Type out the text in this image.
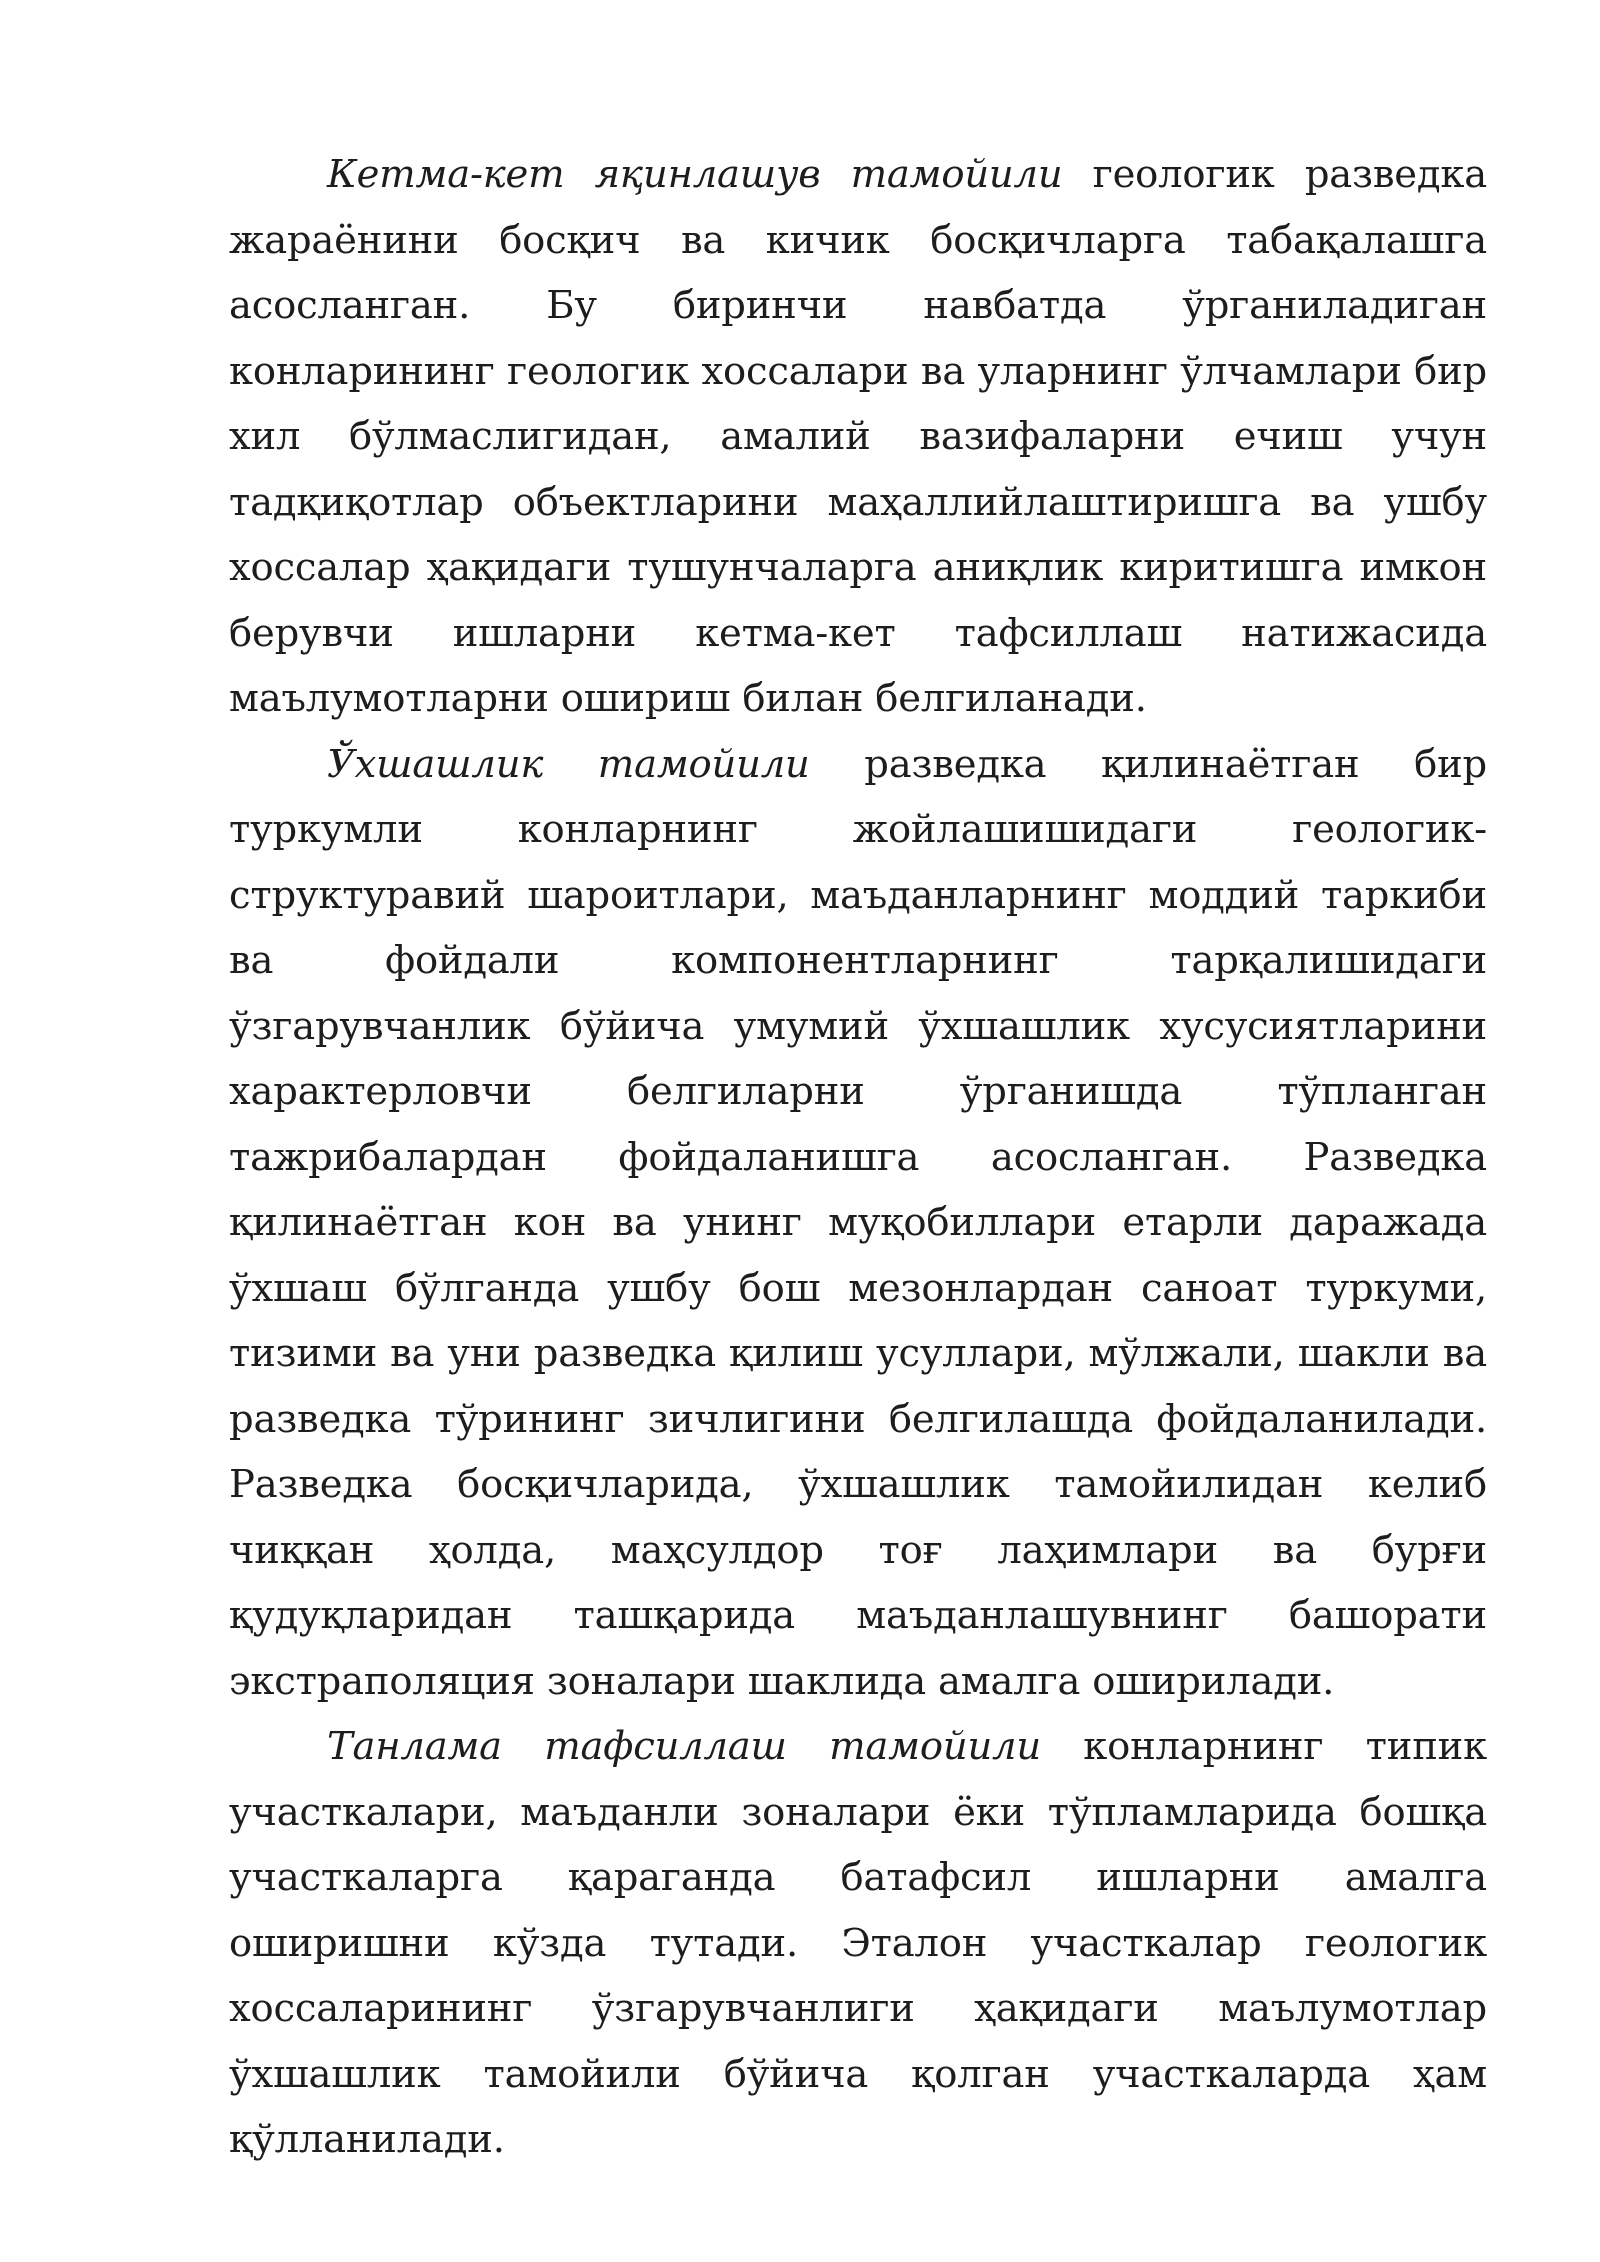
Кетма-кет яқинлашув тамойили геологик разведка жараёнини босқич ва кичик босқичларга табақалашга асосланган. Бу биринчи навбатда ўрганиладиган конларининг геологик хоссалари ва уларнинг ўлчамлари бир хил бўлмаслигидан, амалий вазифаларни ечиш учун тадқиқотлар объектларини маҳаллийлаштиришга ва ушбу хоссалар ҳақидаги тушунчаларга аниқлик киритишга имкон берувчи ишларни кетма-кет тафсиллаш натижасида маълумотларни ошириш билан белгиланади.

Ўхшашлик тамойили разведка қилинаётган бир туркумли конларнинг жойлашишидаги геологик-структуравий шароитлари, маъданларнинг моддий таркиби ва фойдали компонентларнинг тарқалишидаги ўзгарувчанлик бўйича умумий ўхшашлик хусусиятларини характерловчи белгиларни ўрганишда тўпланган тажрибалардан фойдаланишга асосланган. Разведка қилинаётган кон ва унинг муқобиллари етарли даражада ўхшаш бўлганда ушбу бош мезонлардан саноат туркуми, тизими ва уни разведка қилиш усуллари, мўлжали, шакли ва разведка тўрининг зичлигини белгилашда фойдаланилади. Разведка босқичларида, ўхшашлик тамойилидан келиб чиққан ҳолда, маҳсулдор тоғ лаҳимлари ва бурғи қудуқларидан ташқарида маъданлашувнинг башорати экстраполяция зоналари шаклида амалга оширилади.

Танлама тафсиллаш тамойили конларнинг типик участкалари, маъданли зоналари ёки тўпламларида бошқа участкаларга қараганда батафсил ишларни амалга оширишни кўзда тутади. Эталон участкалар геологик хоссаларининг ўзгарувчанлиги ҳақидаги маълумотлар ўхшашлик тамойили бўйича қолган участкаларда ҳам қўлланилади.
